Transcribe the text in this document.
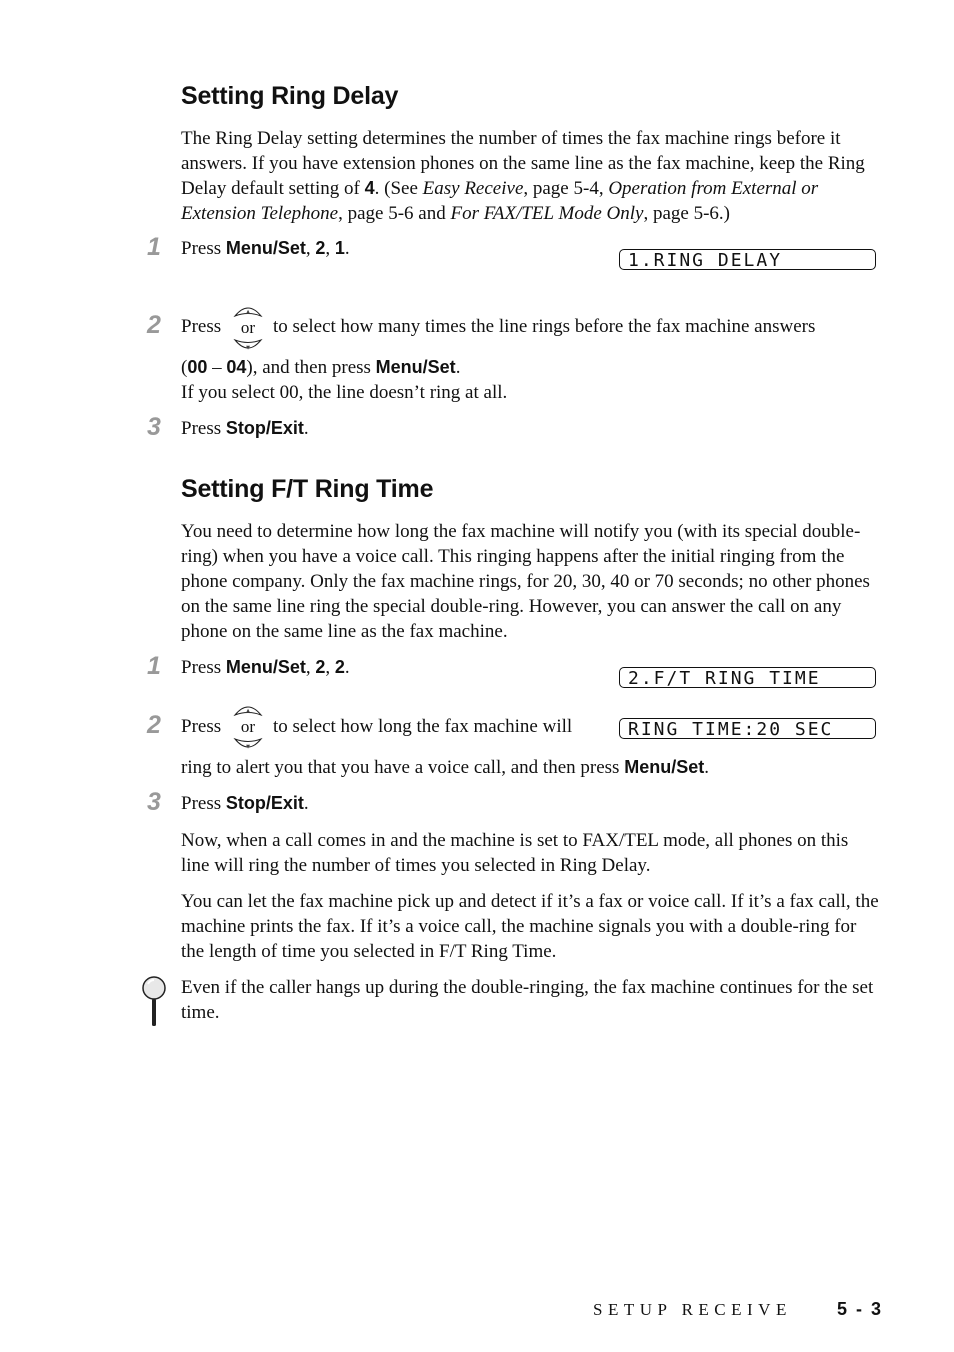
Setting Ring Delay

The Ring Delay setting determines the number of times the fax machine rings before it answers. If you have extension phones on the same line as the fax machine, keep the Ring Delay default setting of 4. (See Easy Receive, page 5-4, Operation from External or Extension Telephone, page 5-6 and For FAX/TEL Mode Only, page 5-6.)

1 Press Menu/Set, 2, 1.

1.RING DELAY
2 Press

▲
▼
or to select how many times the line rings before the fax machine answers

(00 – 04), and then press Menu/Set.

If you select 00, the line doesn’t ring at all.

3 Press Stop/Exit.

Setting F/T Ring Time

You need to determine how long the fax machine will notify you (with its special double-ring) when you have a voice call. This ringing happens after the initial ringing from the phone company. Only the fax machine rings, for 20, 30, 40 or 70 seconds; no other phones on the same line ring the special double-ring. However, you can answer the call on any phone on the same line as the fax machine.

1 Press Menu/Set, 2, 2.

2.F/T RING TIME
2 Press

▲
▼
or to select how long the fax machine will	RING TIME:20 SEC

ring to alert you that you have a voice call, and then press Menu/Set.

3 Press Stop/Exit.

Now, when a call comes in and the machine is set to FAX/TEL mode, all phones on this line will ring the number of times you selected in Ring Delay.

You can let the fax machine pick up and detect if it’s a fax or voice call. If it’s a fax call, the machine prints the fax. If it’s a voice call, the machine signals you with a double-ring for the length of time you selected in F/T Ring Time.

Even if the caller hangs up during the double-ringing, the fax machine continues for the set time.

SETUP RECEIVE	5 - 3
